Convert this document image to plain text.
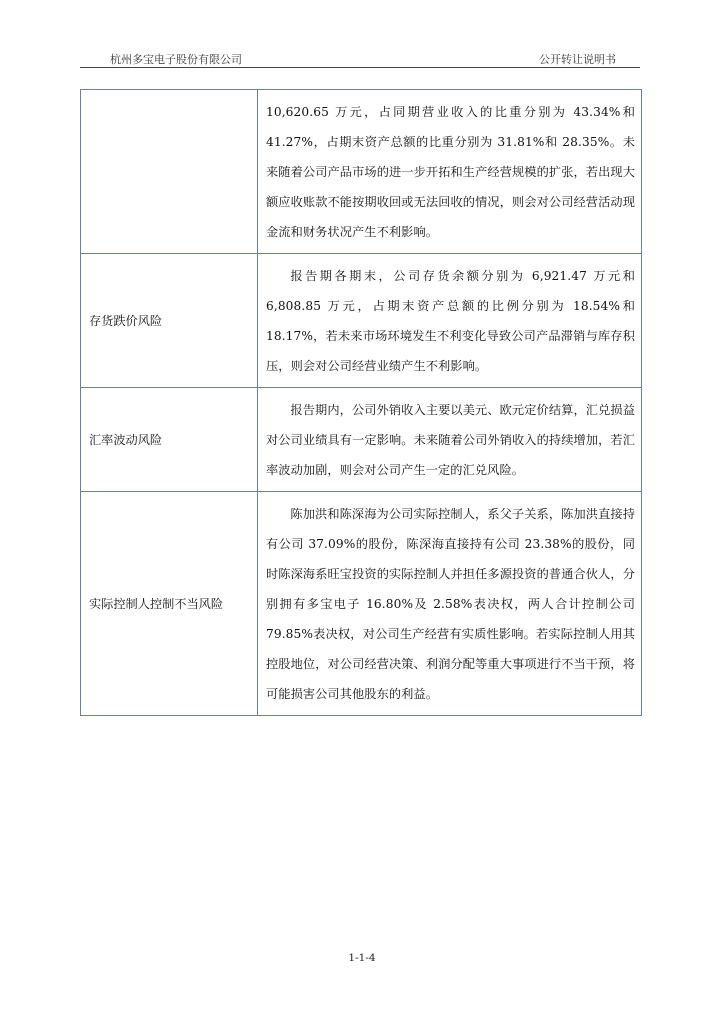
杭州多宝电子股份有限公司	公开转让说明书

	10,620.65 万元，占同期营业收入的比重分别为 43.34%和 41.27%，占期末资产总额的比重分别为 31.81%和 28.35%。未来随着公司产品市场的进一步开拓和生产经营规模的扩张，若出现大额应收账款不能按期收回或无法回收的情况，则会对公司经营活动现金流和财务状况产生不利影响。

存货跌价风险	报告期各期末，公司存货余额分别为 6,921.47 万元和 6,808.85 万元，占期末资产总额的比例分别为 18.54%和 18.17%，若未来市场环境发生不利变化导致公司产品滞销与库存积压，则会对公司经营业绩产生不利影响。

汇率波动风险	报告期内，公司外销收入主要以美元、欧元定价结算，汇兑损益对公司业绩具有一定影响。未来随着公司外销收入的持续增加，若汇率波动加剧，则会对公司产生一定的汇兑风险。

实际控制人控制不当风险	陈加洪和陈深海为公司实际控制人，系父子关系，陈加洪直接持有公司 37.09%的股份，陈深海直接持有公司 23.38%的股份，同时陈深海系旺宝投资的实际控制人并担任多源投资的普通合伙人，分别拥有多宝电子 16.80%及 2.58%表决权，两人合计控制公司 79.85%表决权，对公司生产经营有实质性影响。若实际控制人用其控股地位，对公司经营决策、利润分配等重大事项进行不当干预，将可能损害公司其他股东的利益。
1-1-4
